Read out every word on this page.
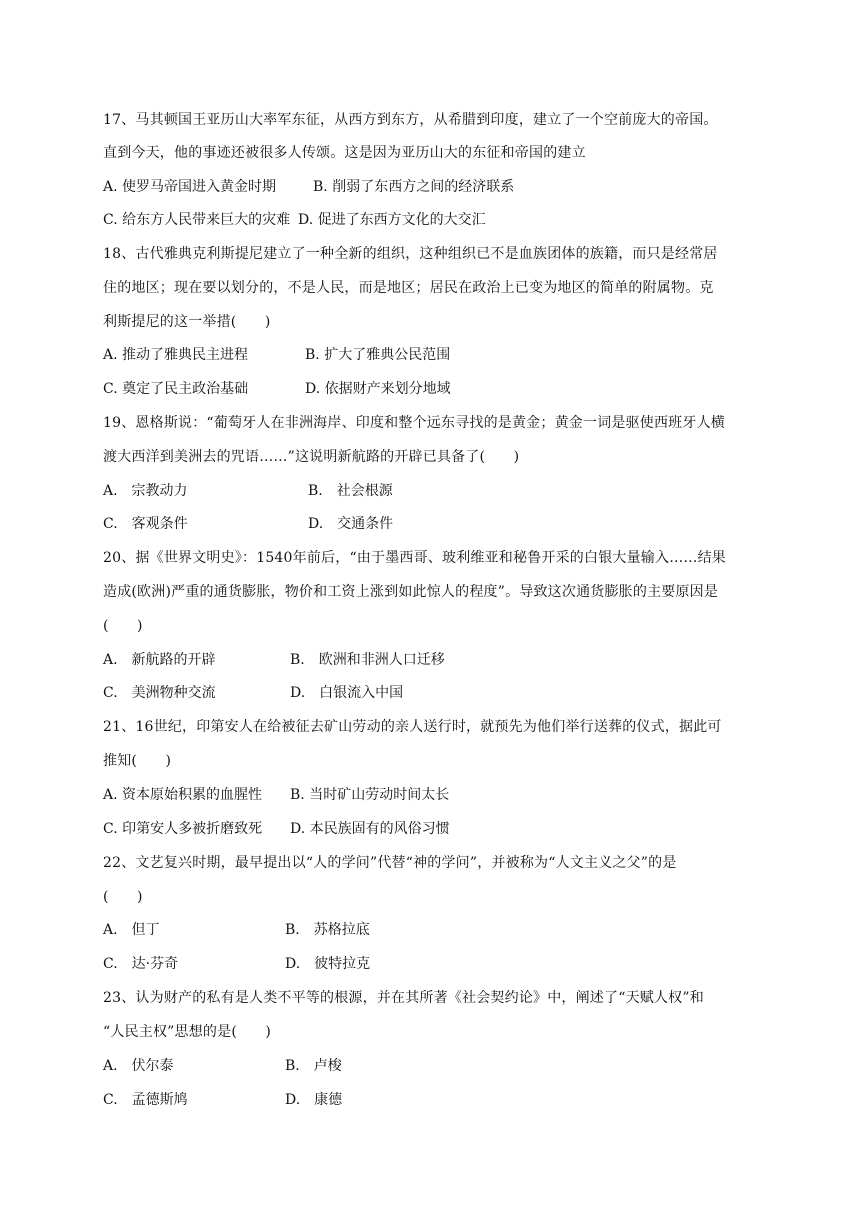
17、马其顿国王亚历山大率军东征，从西方到东方，从希腊到印度，建立了一个空前庞大的帝国。
直到今天，他的事迹还被很多人传颂。这是因为亚历山大的东征和帝国的建立
A. 使罗马帝国进入黄金时期	B. 削弱了东西方之间的经济联系
C. 给东方人民带来巨大的灾难 D. 促进了东西方文化的大交汇
18、古代雅典克利斯提尼建立了一种全新的组织，这种组织已不是血族团体的族籍，而只是经常居
住的地区；现在要以划分的，不是人民，而是地区；居民在政治上已变为地区的简单的附属物。克
利斯提尼的这一举措(　　)
A. 推动了雅典民主进程	B. 扩大了雅典公民范围
C. 奠定了民主政治基础	D. 依据财产来划分地域
19、恩格斯说：“葡萄牙人在非洲海岸、印度和整个远东寻找的是黄金；黄金一词是驱使西班牙人横
渡大西洋到美洲去的咒语……”这说明新航路的开辟已具备了(　　)
A.　宗教动力	B.　社会根源
C.　客观条件	D.　交通条件
20、据《世界文明史》：1540年前后，“由于墨西哥、玻利维亚和秘鲁开采的白银大量输入……结果
造成(欧洲)严重的通货膨胀，物价和工资上涨到如此惊人的程度”。导致这次通货膨胀的主要原因是
(　　)
A.　新航路的开辟	B.　欧洲和非洲人口迁移
C.　美洲物种交流	D.　白银流入中国
21、16世纪，印第安人在给被征去矿山劳动的亲人送行时，就预先为他们举行送葬的仪式，据此可
推知(　　)
A. 资本原始积累的血腥性 B. 当时矿山劳动时间太长
C. 印第安人多被折磨致死 D. 本民族固有的风俗习惯
22、文艺复兴时期，最早提出以“人的学问”代替“神的学问”，并被称为“人文主义之父”的是
(　　)
A.　但丁	B.　苏格拉底
C.　达·芬奇	D.　彼特拉克
23、认为财产的私有是人类不平等的根源，并在其所著《社会契约论》中，阐述了“天赋人权”和
“人民主权”思想的是(　　)
A.　伏尔泰	B.　卢梭
C.　孟德斯鸠	D.　康德
